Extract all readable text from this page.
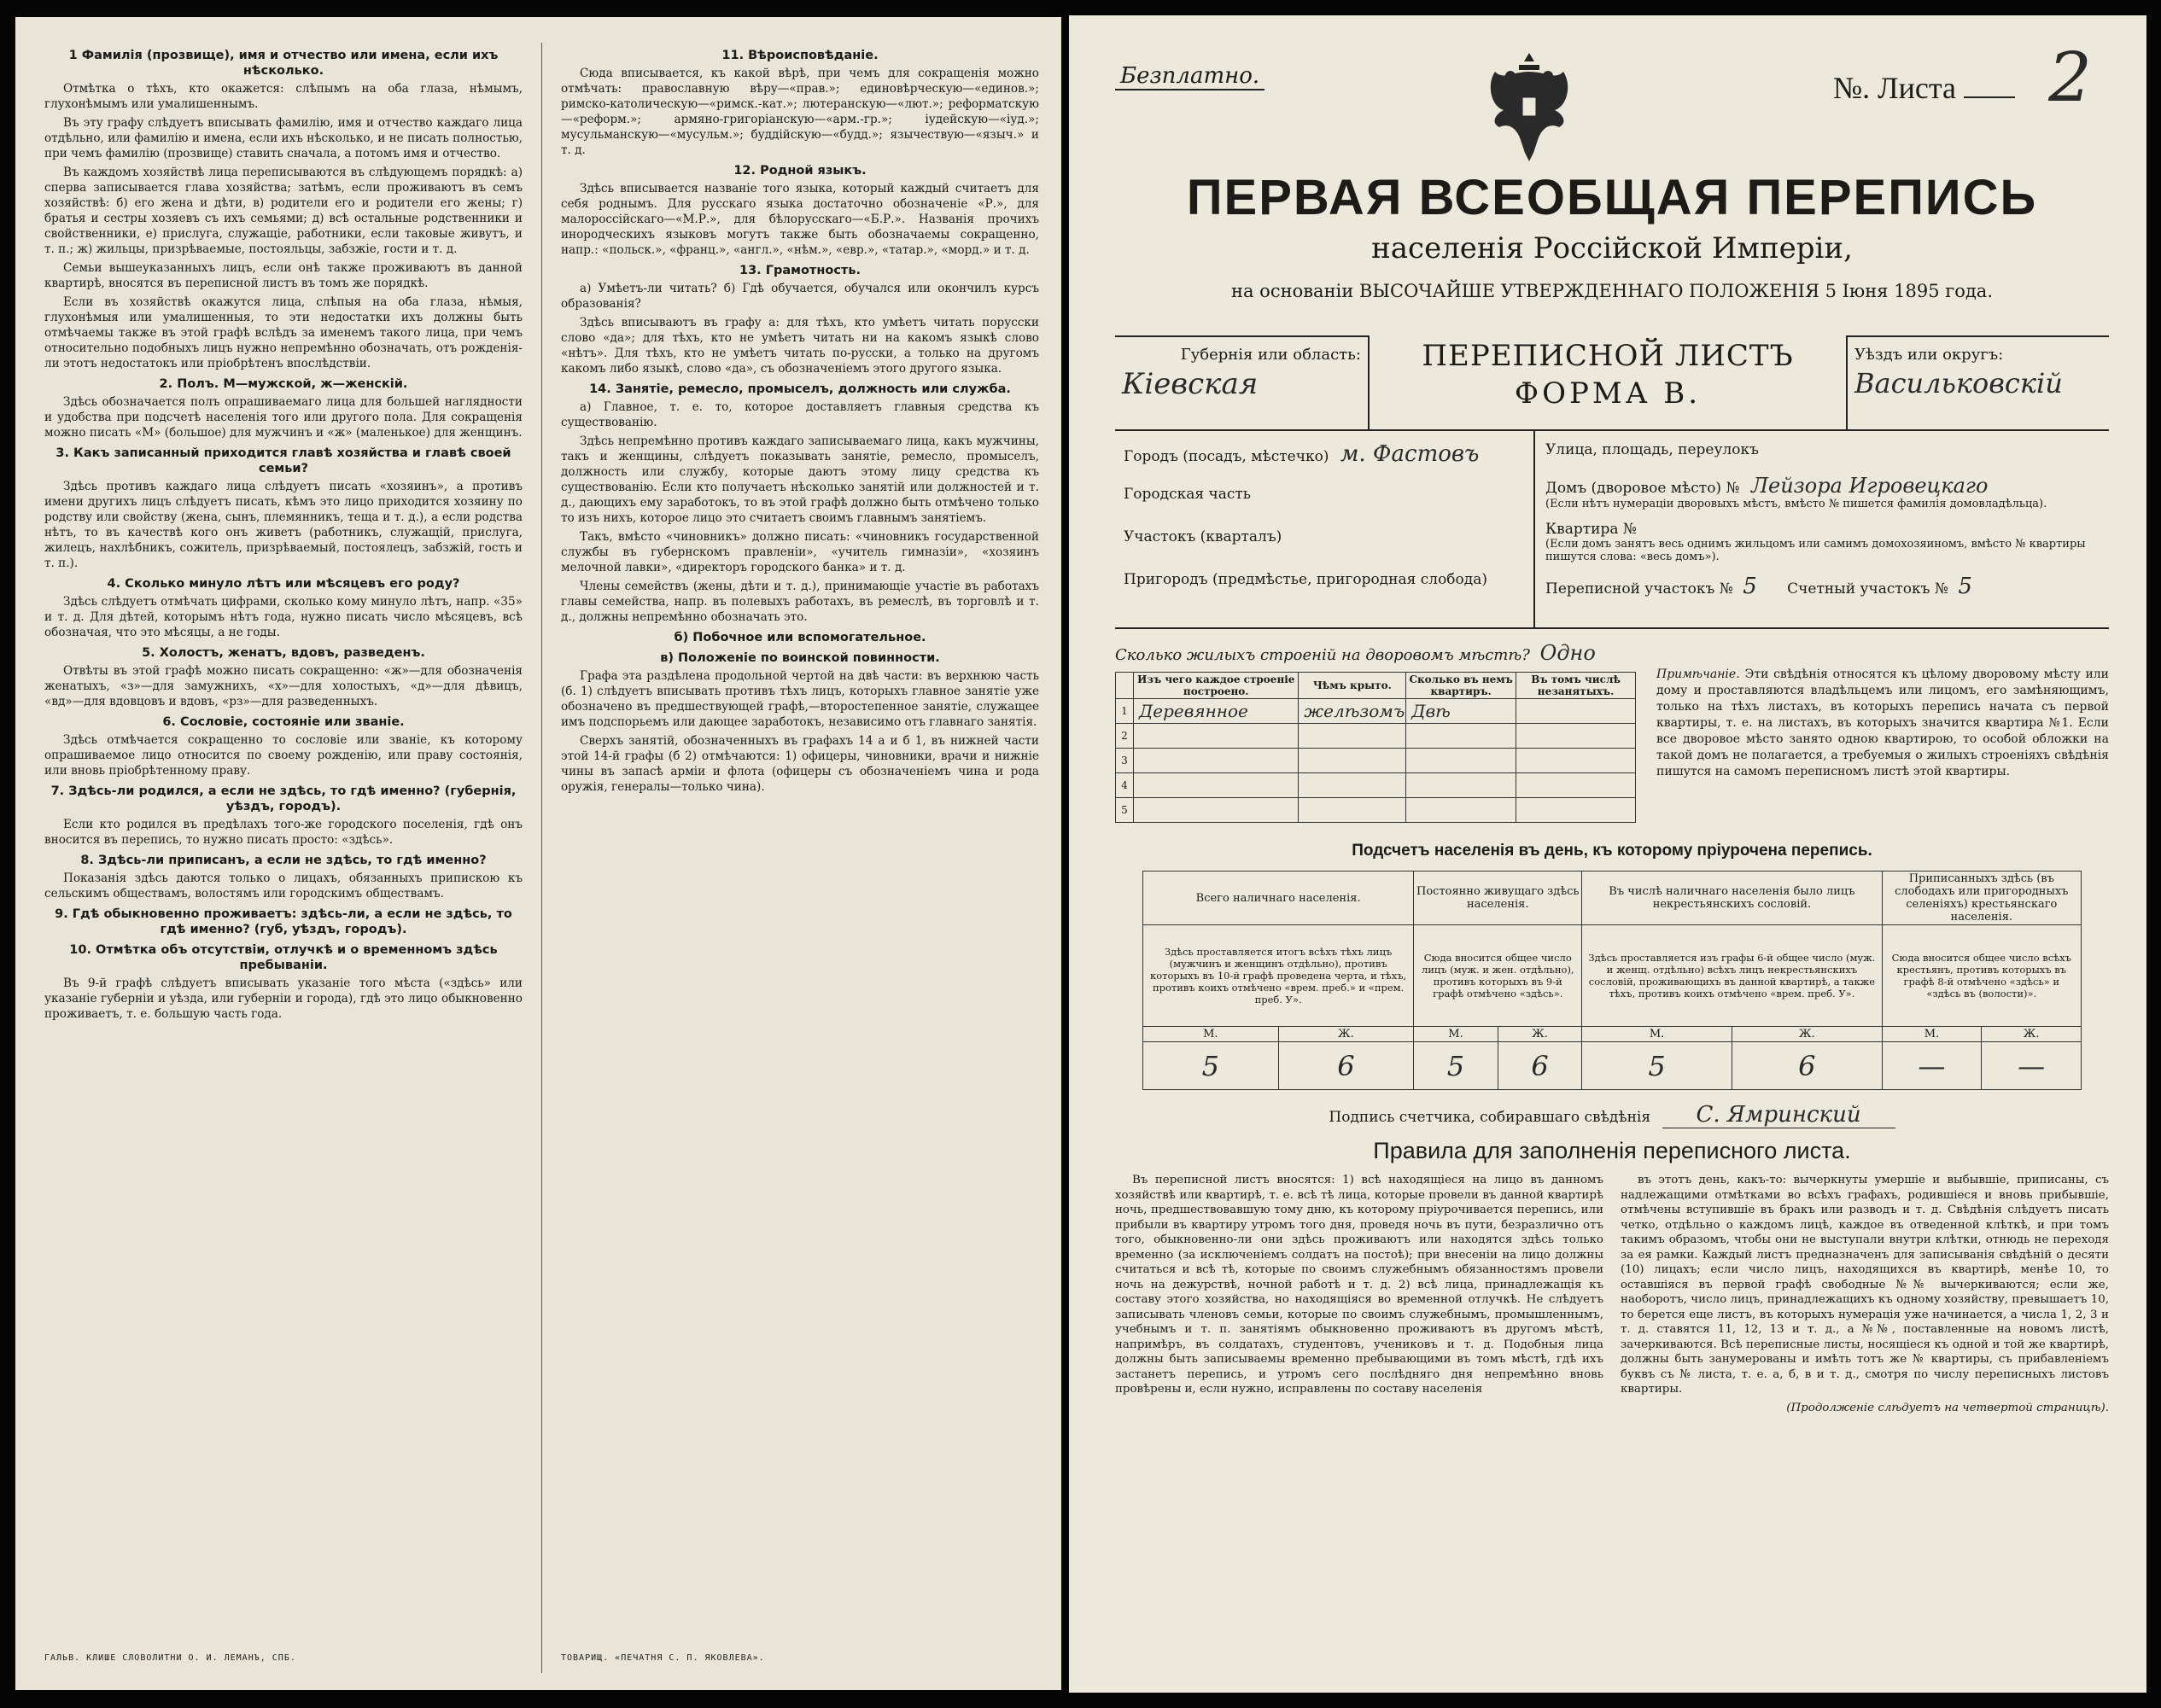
1 Фамилія (прозвище), имя и отчество или имена, если ихъ нѣсколько.
Отмѣтка о тѣхъ, кто окажется: слѣпымъ на оба глаза, нѣмымъ, глухонѣмымъ или умалишеннымъ.
Въ эту графу слѣдуетъ вписывать фамилію, имя и отчество каждаго лица отдѣльно, или фамилію и имена, если ихъ нѣсколько, и не писать полностью, при чемъ фамилію (прозвище) ставить сначала, а потомъ имя и отчество.
Въ каждомъ хозяйствѣ лица переписываются въ слѣдующемъ порядкѣ: а) сперва записывается глава хозяйства; затѣмъ, если проживаютъ въ семъ хозяйствѣ: б) его жена и дѣти, в) родители его и родители его жены; г) братья и сестры хозяевъ съ ихъ семьями; д) всѣ остальные родственники и свойственники, е) прислуга, служащіе, работники, если таковые живутъ, и т. п.; ж) жильцы, призрѣваемые, постояльцы, забзжіе, гости и т. д.
Семьи вышеуказанныхъ лицъ, если онѣ также проживаютъ въ данной квартирѣ, вносятся въ переписной листъ въ томъ же порядкѣ.
Если въ хозяйствѣ окажутся лица, слѣпыя на оба глаза, нѣмыя, глухонѣмыя или умалишенныя, то эти недостатки ихъ должны быть отмѣчаемы также въ этой графѣ вслѣдъ за именемъ такого лица, при чемъ относительно подобныхъ лицъ нужно непремѣнно обозначать, отъ рожденія-ли этотъ недостатокъ или пріобрѣтенъ впослѣдствіи.
2. Полъ. М—мужской, ж—женскій.
Здѣсь обозначается полъ опрашиваемаго лица для большей наглядности и удобства при подсчетѣ населенія того или другого пола. Для сокращенія можно писать «М» (большое) для мужчинъ и «ж» (маленькое) для женщинъ.
3. Какъ записанный приходится главѣ хозяйства и главѣ своей семьи?
Здѣсь противъ каждаго лица слѣдуетъ писать «хозяинъ», а противъ имени другихъ лицъ слѣдуетъ писать, кѣмъ это лицо приходится хозяину по родству или свойству (жена, сынъ, племянникъ, теща и т. д.), а если родства нѣтъ, то въ качествѣ кого онъ живетъ (работникъ, служащій, прислуга, жилецъ, нахлѣбникъ, сожитель, призрѣваемый, постоялецъ, забзжій, гость и т. п.).
4. Сколько минуло лѣтъ или мѣсяцевъ его роду?
Здѣсь слѣдуетъ отмѣчать цифрами, сколько кому минуло лѣтъ, напр. «35» и т. д. Для дѣтей, которымъ нѣтъ года, нужно писать число мѣсяцевъ, всѣ обозначая, что это мѣсяцы, а не годы.
5. Холостъ, женатъ, вдовъ, разведенъ.
Отвѣты въ этой графѣ можно писать сокращенно: «ж»—для обозначенія женатыхъ, «з»—для замужнихъ, «х»—для холостыхъ, «д»—для дѣвицъ, «вд»—для вдовцовъ и вдовъ, «рз»—для разведенныхъ.
6. Сословіе, состояніе или званіе.
Здѣсь отмѣчается сокращенно то сословіе или званіе, къ которому опрашиваемое лицо относится по своему рожденію, или праву состоянія, или вновь пріобрѣтенному праву.
7. Здѣсь-ли родился, а если не здѣсь, то гдѣ именно? (губернія, уѣздъ, городъ).
Если кто родился въ предѣлахъ того-же городского поселенія, гдѣ онъ вносится въ перепись, то нужно писать просто: «здѣсь».
8. Здѣсь-ли приписанъ, а если не здѣсь, то гдѣ именно?
Показанія здѣсь даются только о лицахъ, обязанныхъ припискою къ сельскимъ обществамъ, волостямъ или городскимъ обществамъ.
9. Гдѣ обыкновенно проживаетъ: здѣсь-ли, а если не здѣсь, то гдѣ именно? (губ, уѣздъ, городъ).
10. Отмѣтка объ отсутствіи, отлучкѣ и о временномъ здѣсь пребываніи.
Въ 9-й графѣ слѣдуетъ вписывать указаніе того мѣста («здѣсь» или указаніе губерніи и уѣзда, или губерніи и города), гдѣ это лицо обыкновенно проживаетъ, т. е. большую часть года.
ГАЛЬВ. КЛИШЕ СЛОВОЛИТНИ О. И. ЛЕМАНЪ, СПБ.
11. Вѣроисповѣданіе.
Сюда вписывается, къ какой вѣрѣ, при чемъ для сокращенія можно отмѣчать: православную вѣру—«прав.»; единовѣрческую—«единов.»; римско-католическую—«римск.-кат.»; лютеранскую—«лют.»; реформатскую—«реформ.»; армяно-григоріанскую—«арм.-гр.»; іудейскую—«іуд.»; мусульманскую—«мусульм.»; буддійскую—«будд.»; язычествую—«языч.» и т. д.
12. Родной языкъ.
Здѣсь вписывается названіе того языка, который каждый считаетъ для себя роднымъ. Для русскаго языка достаточно обозначеніе «Р.», для малороссійскаго—«М.Р.», для бѣлорусскаго—«Б.Р.». Названія прочихъ инородческихъ языковъ могутъ также быть обозначаемы сокращенно, напр.: «польск.», «франц.», «англ.», «нѣм.», «евр.», «татар.», «морд.» и т. д.
13. Грамотность.
а) Умѣетъ-ли читать? б) Гдѣ обучается, обучался или окончилъ курсъ образованія?
Здѣсь вписываютъ въ графу а: для тѣхъ, кто умѣетъ читать порусски слово «да»; для тѣхъ, кто не умѣетъ читать ни на какомъ языкѣ слово «нѣтъ». Для тѣхъ, кто не умѣетъ читать по-русски, а только на другомъ какомъ либо языкѣ, слово «да», съ обозначеніемъ этого другого языка.
14. Занятіе, ремесло, промыселъ, должность или служба.
а) Главное, т. е. то, которое доставляетъ главныя средства къ существованію.
Здѣсь непремѣнно противъ каждаго записываемаго лица, какъ мужчины, такъ и женщины, слѣдуетъ показывать занятіе, ремесло, промыселъ, должность или службу, которые даютъ этому лицу средства къ существованію. Если кто получаетъ нѣсколько занятій или должностей и т. д., дающихъ ему заработокъ, то въ этой графѣ должно быть отмѣчено только то изъ нихъ, которое лицо это считаетъ своимъ главнымъ занятіемъ.
Такъ, вмѣсто «чиновникъ» должно писать: «чиновникъ государственной службы въ губернскомъ правленіи», «учитель гимназіи», «хозяинъ мелочной лавки», «директоръ городского банка» и т. д.
Члены семействъ (жены, дѣти и т. д.), принимающіе участіе въ работахъ главы семейства, напр. въ полевыхъ работахъ, въ ремеслѣ, въ торговлѣ и т. д., должны непремѣнно обозначать это.
б) Побочное или вспомогательное.
в) Положеніе по воинской повинности.
Графа эта раздѣлена продольной чертой на двѣ части: въ верхнюю часть (б. 1) слѣдуетъ вписывать противъ тѣхъ лицъ, которыхъ главное занятіе уже обозначено въ предшествующей графѣ,—второстепенное занятіе, служащее имъ подспорьемъ или дающее заработокъ, независимо отъ главнаго занятія.
Сверхъ занятій, обозначенныхъ въ графахъ 14 а и б 1, въ нижней части этой 14-й графы (б 2) отмѣчаются: 1) офицеры, чиновники, врачи и нижніе чины въ запасѣ арміи и флота (офицеры съ обозначеніемъ чина и рода оружія, генералы—только чина).
ТОВАРИЩ. «ПЕЧАТНЯ С. П. ЯКОВЛЕВА».
Безплатно.	№. Листа	2
ПЕРВАЯ ВСЕОБЩАЯ ПЕРЕПИСЬ
населенія Россійской Имперіи,
на основаніи ВЫСОЧАЙШЕ УТВЕРЖДЕННАГО ПОЛОЖЕНІЯ 5 Іюня 1895 года.
Губернія или область:
Кіевская
ПЕРЕПИСНОЙ ЛИСТЪ
ФОРМА В.
Уѣздъ или округъ:
Васильковскій
Городъ (посадъ, мѣстечко) м. Фастовъ
Городская часть
Участокъ (кварталъ)
Пригородъ (предмѣстье, пригородная слобода)
Улица, площадь, переулокъ
Домъ (дворовое мѣсто) № Лейзора Игровецкаго
(Если нѣтъ нумераціи дворовыхъ мѣстъ, вмѣсто № пишется фамилія домовладѣльца).
Квартира №
(Если домъ занятъ весь однимъ жильцомъ или самимъ домохозяиномъ, вмѣсто № квартиры пишутся слова: «весь домъ»).
Переписной участокъ № 5 Счетный участокъ № 5
Сколько жилыхъ строеній на дворовомъ мѣстѣ? Одно
	Изъ чего каждое строеніе построено.	Чѣмъ крыто.	Сколько въ немъ квартиръ.	Въ томъ числѣ незанятыхъ.
1	Деревянное	желѣзомъ	Двѣ	
2				
3				
4				
5				
Примѣчаніе. Эти свѣдѣнія относятся къ цѣлому дворовому мѣсту или дому и проставляются владѣльцемъ или лицомъ, его замѣняющимъ, только на тѣхъ листахъ, въ которыхъ перепись начата съ первой квартиры, т. е. на листахъ, въ которыхъ значится квартира №1. Если все дворовое мѣсто занято одною квартирою, то особой обложки на такой домъ не полагается, а требуемыя о жилыхъ строеніяхъ свѣдѣнія пишутся на самомъ переписномъ листѣ этой квартиры.
Подсчетъ населенія въ день, къ которому пріурочена перепись.
Всего наличнаго населенія.		Постоянно живущаго здѣсь населенія.		Въ числѣ наличнаго населенія было лицъ некрестьянскихъ сословій.		Приписанныхъ здѣсь (въ слободахъ или пригородныхъ селеніяхъ) крестьянскаго населенія.	
Здѣсь проставляется итогъ всѣхъ тѣхъ лицъ (мужчинъ и женщинъ отдѣльно), противъ которыхъ въ 10-й графѣ проведена черта, и тѣхъ, противъ коихъ отмѣчено «врем. преб.» и «прем. преб. У».		Сюда вносится общее число лицъ (муж. и жен. отдѣльно), противъ которыхъ въ 9-й графѣ отмѣчено «здѣсь».		Здѣсь проставляется изъ графы 6-й общее число (муж. и женщ. отдѣльно) всѣхъ лицъ некрестьянскихъ сословій, проживающихъ въ данной квартирѣ, а также тѣхъ, противъ коихъ отмѣчено «врем. преб. У».		Сюда вносится общее число всѣхъ крестьянъ, противъ которыхъ въ графѣ 8-й отмѣчено «здѣсь» и «здѣсь въ (волости)».	
М.	Ж.	М.	Ж.	М.	Ж.	М.	Ж.
5	6	5	6	5	6	—	—
Подпись счетчика, собиравшаго свѣдѣнія С. Ямринский
Правила для заполненія переписного листа.
Въ переписной листъ вносятся: 1) всѣ находящіеся на лицо въ данномъ хозяйствѣ или квартирѣ, т. е. всѣ тѣ лица, которые провели въ данной квартирѣ ночь, предшествовавшую тому дню, къ которому пріурочивается перепись, или прибыли въ квартиру утромъ того дня, проведя ночь въ пути, безразлично отъ того, обыкновенно-ли они здѣсь проживаютъ или находятся здѣсь только временно (за исключеніемъ солдатъ на постоѣ); при внесеніи на лицо должны считаться и всѣ тѣ, которые по своимъ служебнымъ обязанностямъ провели ночь на дежурствѣ, ночной работѣ и т. д. 2) всѣ лица, принадлежащія къ составу этого хозяйства, но находящіяся во временной отлучкѣ. Не слѣдуетъ записывать членовъ семьи, которые по своимъ служебнымъ, промышленнымъ, учебнымъ и т. п. занятіямъ обыкновенно проживаютъ въ другомъ мѣстѣ, напримѣръ, въ солдатахъ, студентовъ, учениковъ и т. д. Подобныя лица должны быть записываемы временно пребывающими въ томъ мѣстѣ, гдѣ ихъ застанетъ перепись, и утромъ сего послѣдняго дня непремѣнно вновь провѣрены и, если нужно, исправлены по составу населенія
въ этотъ день, какъ-то: вычеркнуты умершіе и выбывшіе, приписаны, съ надлежащими отмѣтками во всѣхъ графахъ, родившіеся и вновь прибывшіе, отмѣчены вступившіе въ бракъ или разводъ и т. д. Свѣдѣнія слѣдуетъ писать четко, отдѣльно о каждомъ лицѣ, каждое въ отведенной клѣткѣ, и при томъ такимъ образомъ, чтобы они не выступали внутри клѣтки, отнюдь не переходя за ея рамки. Каждый листъ предназначенъ для записыванія свѣдѣній о десяти (10) лицахъ; если число лицъ, находящихся въ квартирѣ, менѣе 10, то оставшіяся въ первой графѣ свободные №№ вычеркиваются; если же, наоборотъ, число лицъ, принадлежащихъ къ одному хозяйству, превышаетъ 10, то берется еще листъ, въ которыхъ нумерація уже начинается, а числа 1, 2, 3 и т. д. ставятся 11, 12, 13 и т. д., а №№, поставленные на новомъ листѣ, зачеркиваются. Всѣ переписные листы, носящіеся къ одной и той же квартирѣ, должны быть занумерованы и имѣть тотъ же № квартиры, съ прибавленіемъ буквъ съ № листа, т. е. а, б, в и т. д., смотря по числу переписныхъ листовъ квартиры.
(Продолженіе слѣдуетъ на четвертой страницѣ).
